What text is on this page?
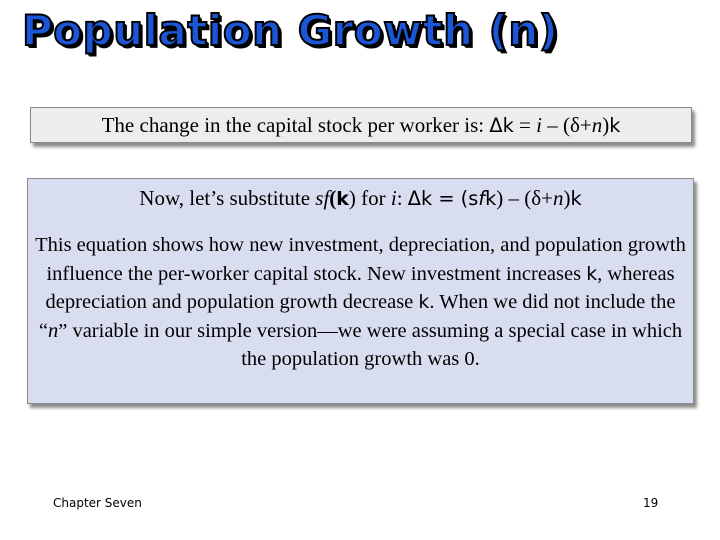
Population Growth (n)
The change in the capital stock per worker is: Δk = i – (δ+n)k
Now, let’s substitute sf(k) for i: Δk = (sfk) – (δ+n)k
This equation shows how new investment, depreciation, and population growth influence the per-worker capital stock. New investment increases k, whereas depreciation and population growth decrease k. When we did not include the “n” variable in our simple version—we were assuming a special case in which the population growth was 0.
Chapter Seven	19
